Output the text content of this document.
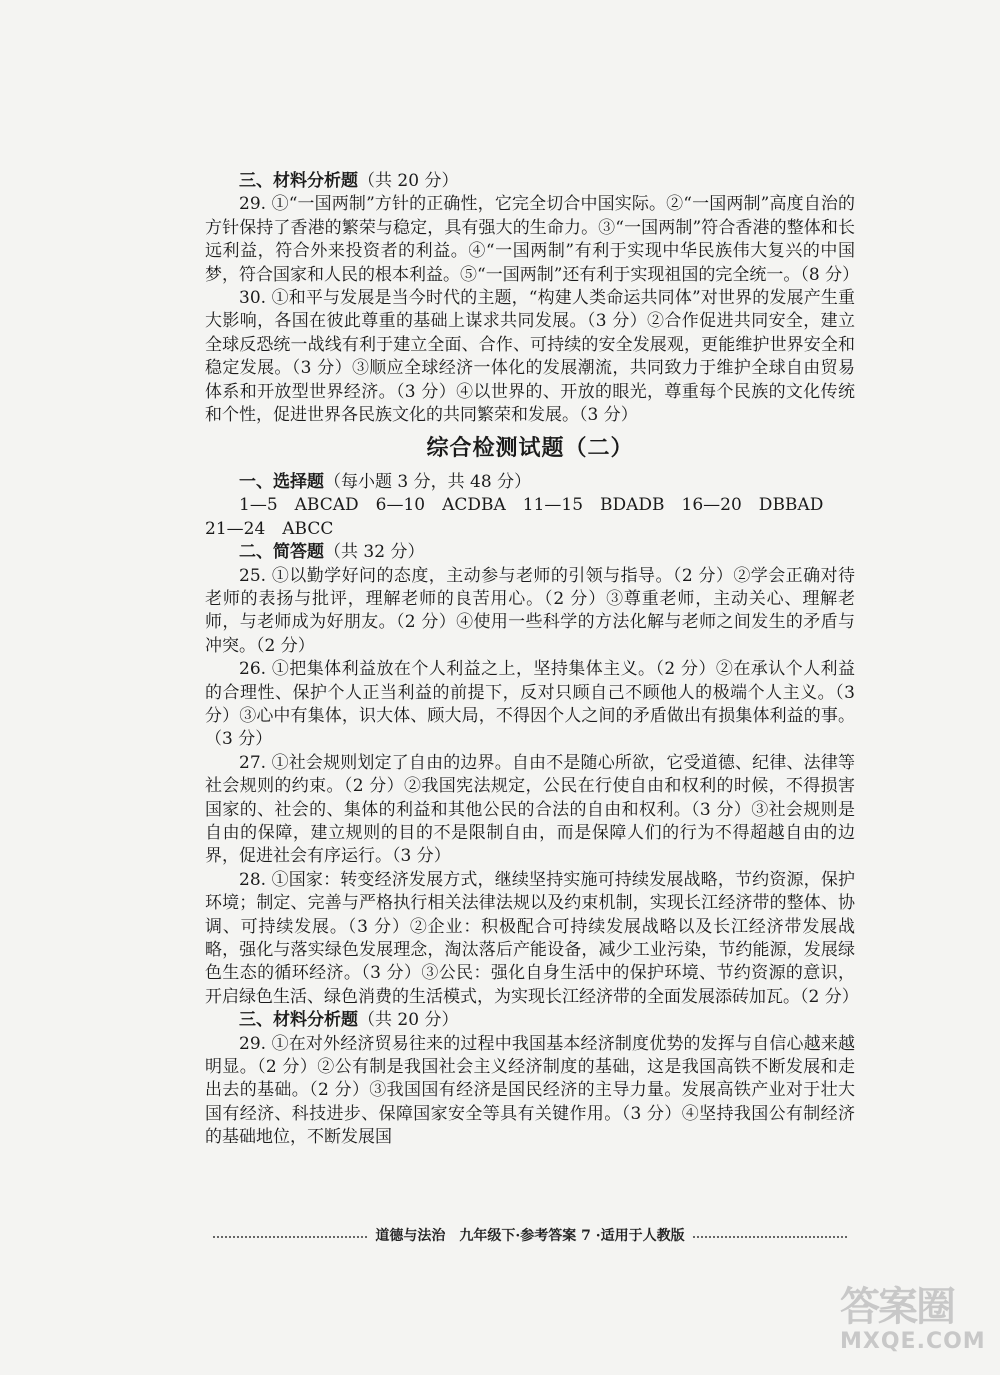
三、材料分析题（共 20 分）

29. ①“一国两制”方针的正确性，它完全切合中国实际。②“一国两制”高度自治的方针保持了香港的繁荣与稳定，具有强大的生命力。③“一国两制”符合香港的整体和长远利益，符合外来投资者的利益。④“一国两制”有利于实现中华民族伟大复兴的中国梦，符合国家和人民的根本利益。⑤“一国两制”还有利于实现祖国的完全统一。（8 分）

30. ①和平与发展是当今时代的主题，“构建人类命运共同体”对世界的发展产生重大影响，各国在彼此尊重的基础上谋求共同发展。（3 分）②合作促进共同安全，建立全球反恐统一战线有利于建立全面、合作、可持续的安全发展观，更能维护世界安全和稳定发展。（3 分）③顺应全球经济一体化的发展潮流，共同致力于维护全球自由贸易体系和开放型世界经济。（3 分）④以世界的、开放的眼光，尊重每个民族的文化传统和个性，促进世界各民族文化的共同繁荣和发展。（3 分）

综合检测试题（二）

一、选择题（每小题 3 分，共 48 分）

1—5　ABCAD　6—10　ACDBA　11—15　BDADB　16—20　DBBAD

21—24　ABCC

二、简答题（共 32 分）

25. ①以勤学好问的态度，主动参与老师的引领与指导。（2 分）②学会正确对待老师的表扬与批评，理解老师的良苦用心。（2 分）③尊重老师，主动关心、理解老师，与老师成为好朋友。（2 分）④使用一些科学的方法化解与老师之间发生的矛盾与冲突。（2 分）

26. ①把集体利益放在个人利益之上，坚持集体主义。（2 分）②在承认个人利益的合理性、保护个人正当利益的前提下，反对只顾自己不顾他人的极端个人主义。（3 分）③心中有集体，识大体、顾大局，不得因个人之间的矛盾做出有损集体利益的事。（3 分）

27. ①社会规则划定了自由的边界。自由不是随心所欲，它受道德、纪律、法律等社会规则的约束。（2 分）②我国宪法规定，公民在行使自由和权利的时候，不得损害国家的、社会的、集体的利益和其他公民的合法的自由和权利。（3 分）③社会规则是自由的保障，建立规则的目的不是限制自由，而是保障人们的行为不得超越自由的边界，促进社会有序运行。（3 分）

28. ①国家：转变经济发展方式，继续坚持实施可持续发展战略，节约资源，保护环境；制定、完善与严格执行相关法律法规以及约束机制，实现长江经济带的整体、协调、可持续发展。（3 分）②企业：积极配合可持续发展战略以及长江经济带发展战略，强化与落实绿色发展理念，淘汰落后产能设备，减少工业污染，节约能源，发展绿色生态的循环经济。（3 分）③公民：强化自身生活中的保护环境、节约资源的意识，开启绿色生活、绿色消费的生活模式，为实现长江经济带的全面发展添砖加瓦。（2 分）

三、材料分析题（共 20 分）

29. ①在对外经济贸易往来的过程中我国基本经济制度优势的发挥与自信心越来越明显。（2 分）②公有制是我国社会主义经济制度的基础，这是我国高铁不断发展和走出去的基础。（2 分）③我国国有经济是国民经济的主导力量。发展高铁产业对于壮大国有经济、科技进步、保障国家安全等具有关键作用。（3 分）④坚持我国公有制经济的基础地位，不断发展国

道德与法治　九年级下·参考答案 7 ·适用于人教版
答案圈
MXQE.COM
